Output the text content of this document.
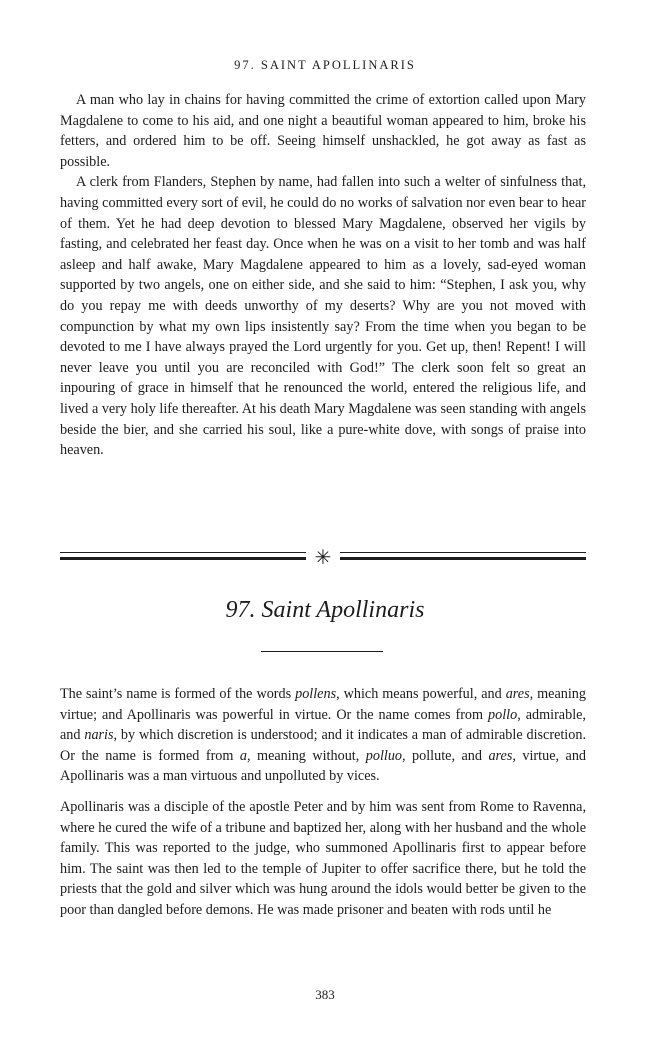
97. SAINT APOLLINARIS

A man who lay in chains for having committed the crime of extortion called upon Mary Magdalene to come to his aid, and one night a beautiful woman appeared to him, broke his fetters, and ordered him to be off. Seeing himself unshackled, he got away as fast as possible.

A clerk from Flanders, Stephen by name, had fallen into such a welter of sinfulness that, having committed every sort of evil, he could do no works of salvation nor even bear to hear of them. Yet he had deep devotion to blessed Mary Magdalene, observed her vigils by fasting, and celebrated her feast day. Once when he was on a visit to her tomb and was half asleep and half awake, Mary Magdalene appeared to him as a lovely, sad-eyed woman supported by two angels, one on either side, and she said to him: “Stephen, I ask you, why do you repay me with deeds unworthy of my deserts? Why are you not moved with compunction by what my own lips insistently say? From the time when you began to be devoted to me I have always prayed the Lord urgently for you. Get up, then! Repent! I will never leave you until you are reconciled with God!” The clerk soon felt so great an inpouring of grace in himself that he renounced the world, entered the religious life, and lived a very holy life thereafter. At his death Mary Magdalene was seen standing with angels beside the bier, and she carried his soul, like a pure-white dove, with songs of praise into heaven.

✳
97. Saint Apollinaris

The saint’s name is formed of the words pollens, which means powerful, and ares, meaning virtue; and Apollinaris was powerful in virtue. Or the name comes from pollo, admirable, and naris, by which discretion is understood; and it indicates a man of admirable discretion. Or the name is formed from a, meaning without, polluo, pollute, and ares, virtue, and Apollinaris was a man virtuous and unpolluted by vices.

Apollinaris was a disciple of the apostle Peter and by him was sent from Rome to Ravenna, where he cured the wife of a tribune and baptized her, along with her husband and the whole family. This was reported to the judge, who summoned Apollinaris first to appear before him. The saint was then led to the temple of Jupiter to offer sacrifice there, but he told the priests that the gold and silver which was hung around the idols would better be given to the poor than dangled before demons. He was made prisoner and beaten with rods until he

383
